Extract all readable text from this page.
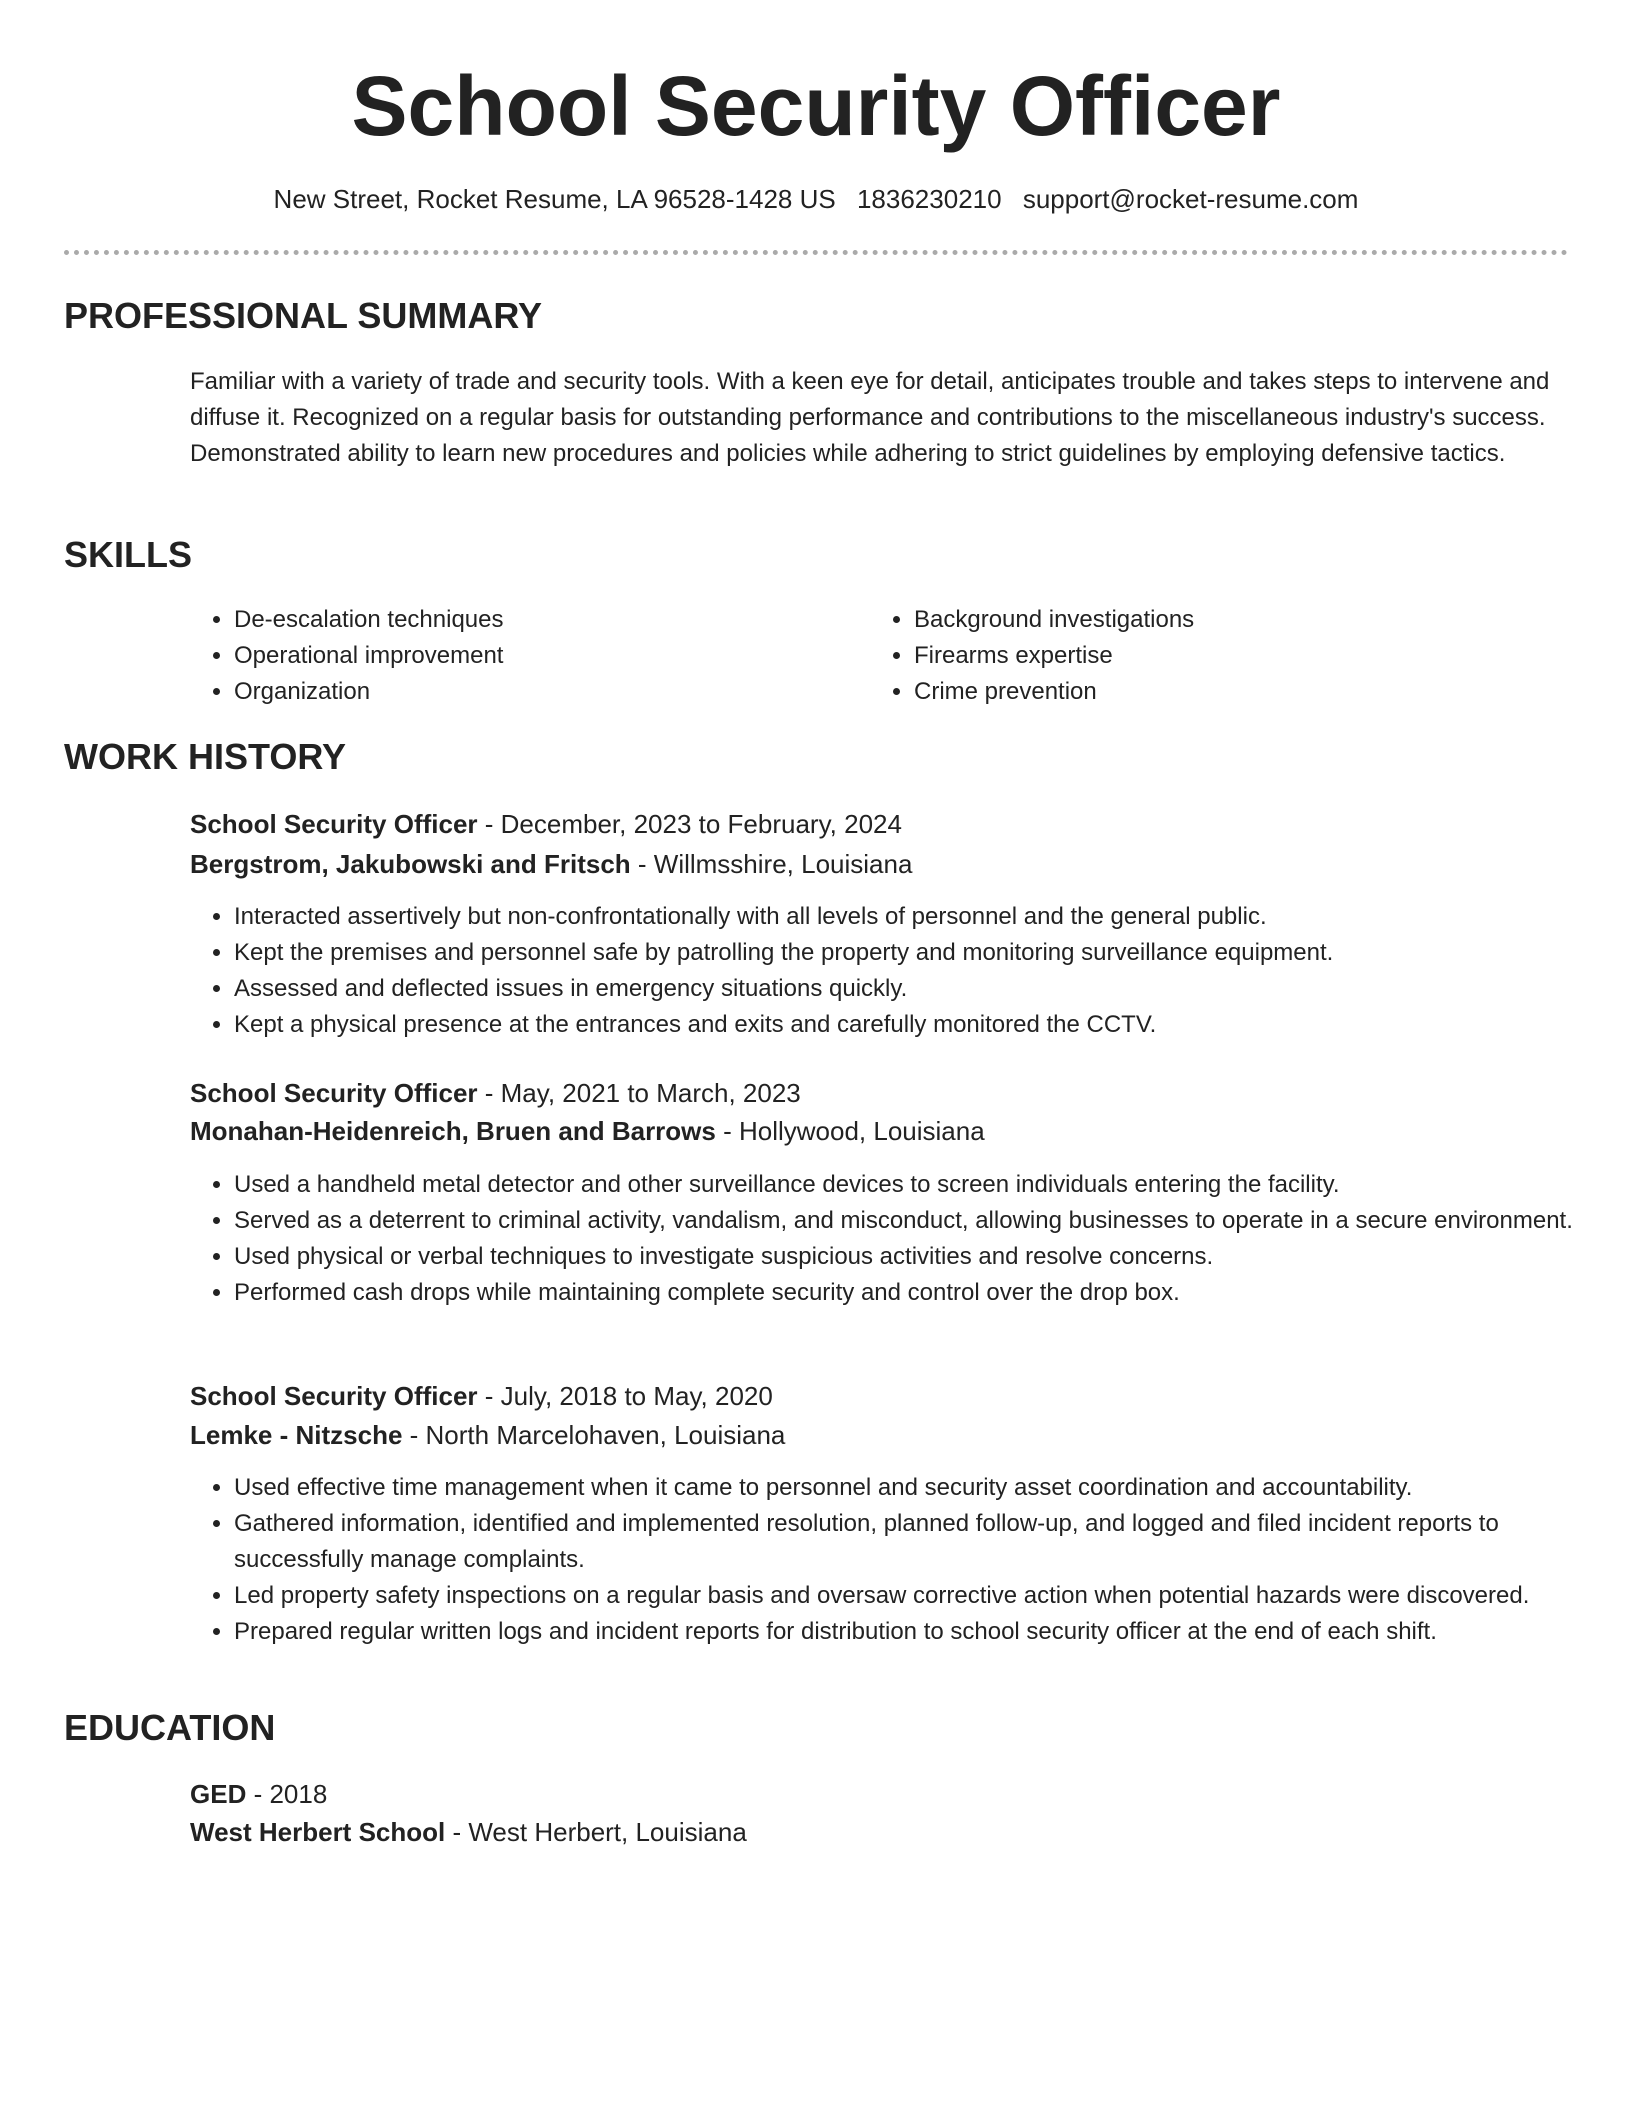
School Security Officer
New Street, Rocket Resume, LA 96528-1428 US 1836230210 support@rocket-resume.com
PROFESSIONAL SUMMARY

Familiar with a variety of trade and security tools. With a keen eye for detail, anticipates trouble and takes steps to intervene and diffuse it. Recognized on a regular basis for outstanding performance and contributions to the miscellaneous industry's success. Demonstrated ability to learn new procedures and policies while adhering to strict guidelines by employing defensive tactics.

SKILLS
• De-escalation techniques
• Operational improvement
• Organization
• Background investigations
• Firearms expertise
• Crime prevention
WORK HISTORY
School Security Officer - December, 2023 to February, 2024
Bergstrom, Jakubowski and Fritsch - Willmsshire, Louisiana
• Interacted assertively but non-confrontationally with all levels of personnel and the general public.
• Kept the premises and personnel safe by patrolling the property and monitoring surveillance equipment.
• Assessed and deflected issues in emergency situations quickly.
• Kept a physical presence at the entrances and exits and carefully monitored the CCTV.
School Security Officer - May, 2021 to March, 2023
Monahan-Heidenreich, Bruen and Barrows - Hollywood, Louisiana
• Used a handheld metal detector and other surveillance devices to screen individuals entering the facility.
• Served as a deterrent to criminal activity, vandalism, and misconduct, allowing businesses to operate in a secure environment.
• Used physical or verbal techniques to investigate suspicious activities and resolve concerns.
• Performed cash drops while maintaining complete security and control over the drop box.
School Security Officer - July, 2018 to May, 2020
Lemke - Nitzsche - North Marcelohaven, Louisiana
• Used effective time management when it came to personnel and security asset coordination and accountability.
• Gathered information, identified and implemented resolution, planned follow-up, and logged and filed incident reports to successfully manage complaints.
• Led property safety inspections on a regular basis and oversaw corrective action when potential hazards were discovered.
• Prepared regular written logs and incident reports for distribution to school security officer at the end of each shift.
EDUCATION
GED - 2018
West Herbert School - West Herbert, Louisiana
